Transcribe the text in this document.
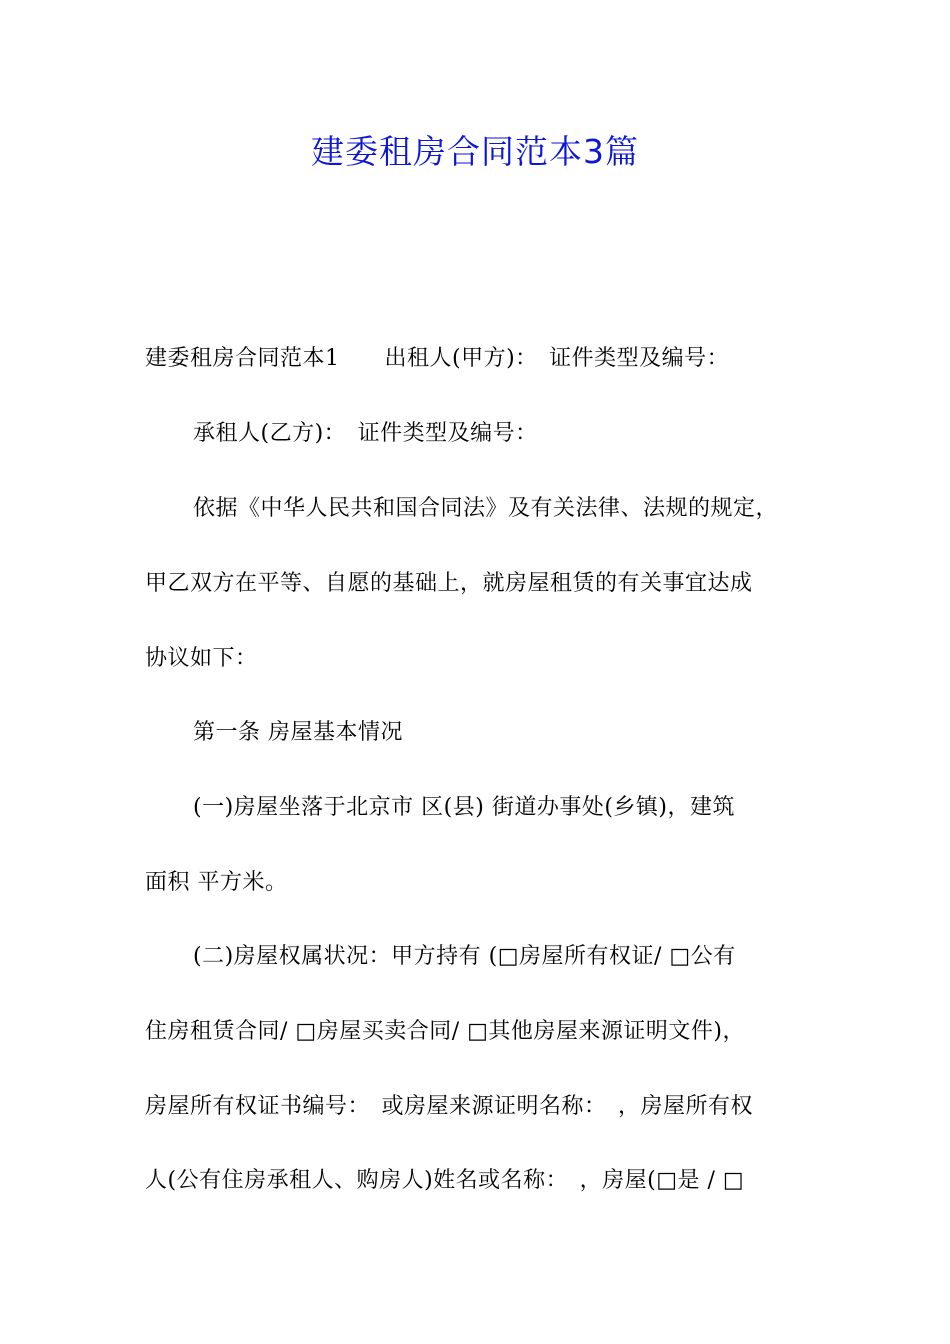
建委租房合同范本3篇
建委租房合同范本1　　出租人(甲方)：　证件类型及编号：
承租人(乙方)：　证件类型及编号：
依据《中华人民共和国合同法》及有关法律、法规的规定，
甲乙双方在平等、自愿的基础上，就房屋租赁的有关事宜达成
协议如下：
第一条 房屋基本情况
(一)房屋坐落于北京市 区(县) 街道办事处(乡镇)，建筑
面积 平方米。
(二)房屋权属状况：甲方持有 (□房屋所有权证/ □公有
住房租赁合同/ □房屋买卖合同/ □其他房屋来源证明文件)，
房屋所有权证书编号：　或房屋来源证明名称：　，房屋所有权
人(公有住房承租人、购房人)姓名或名称：　，房屋(□是 / □
